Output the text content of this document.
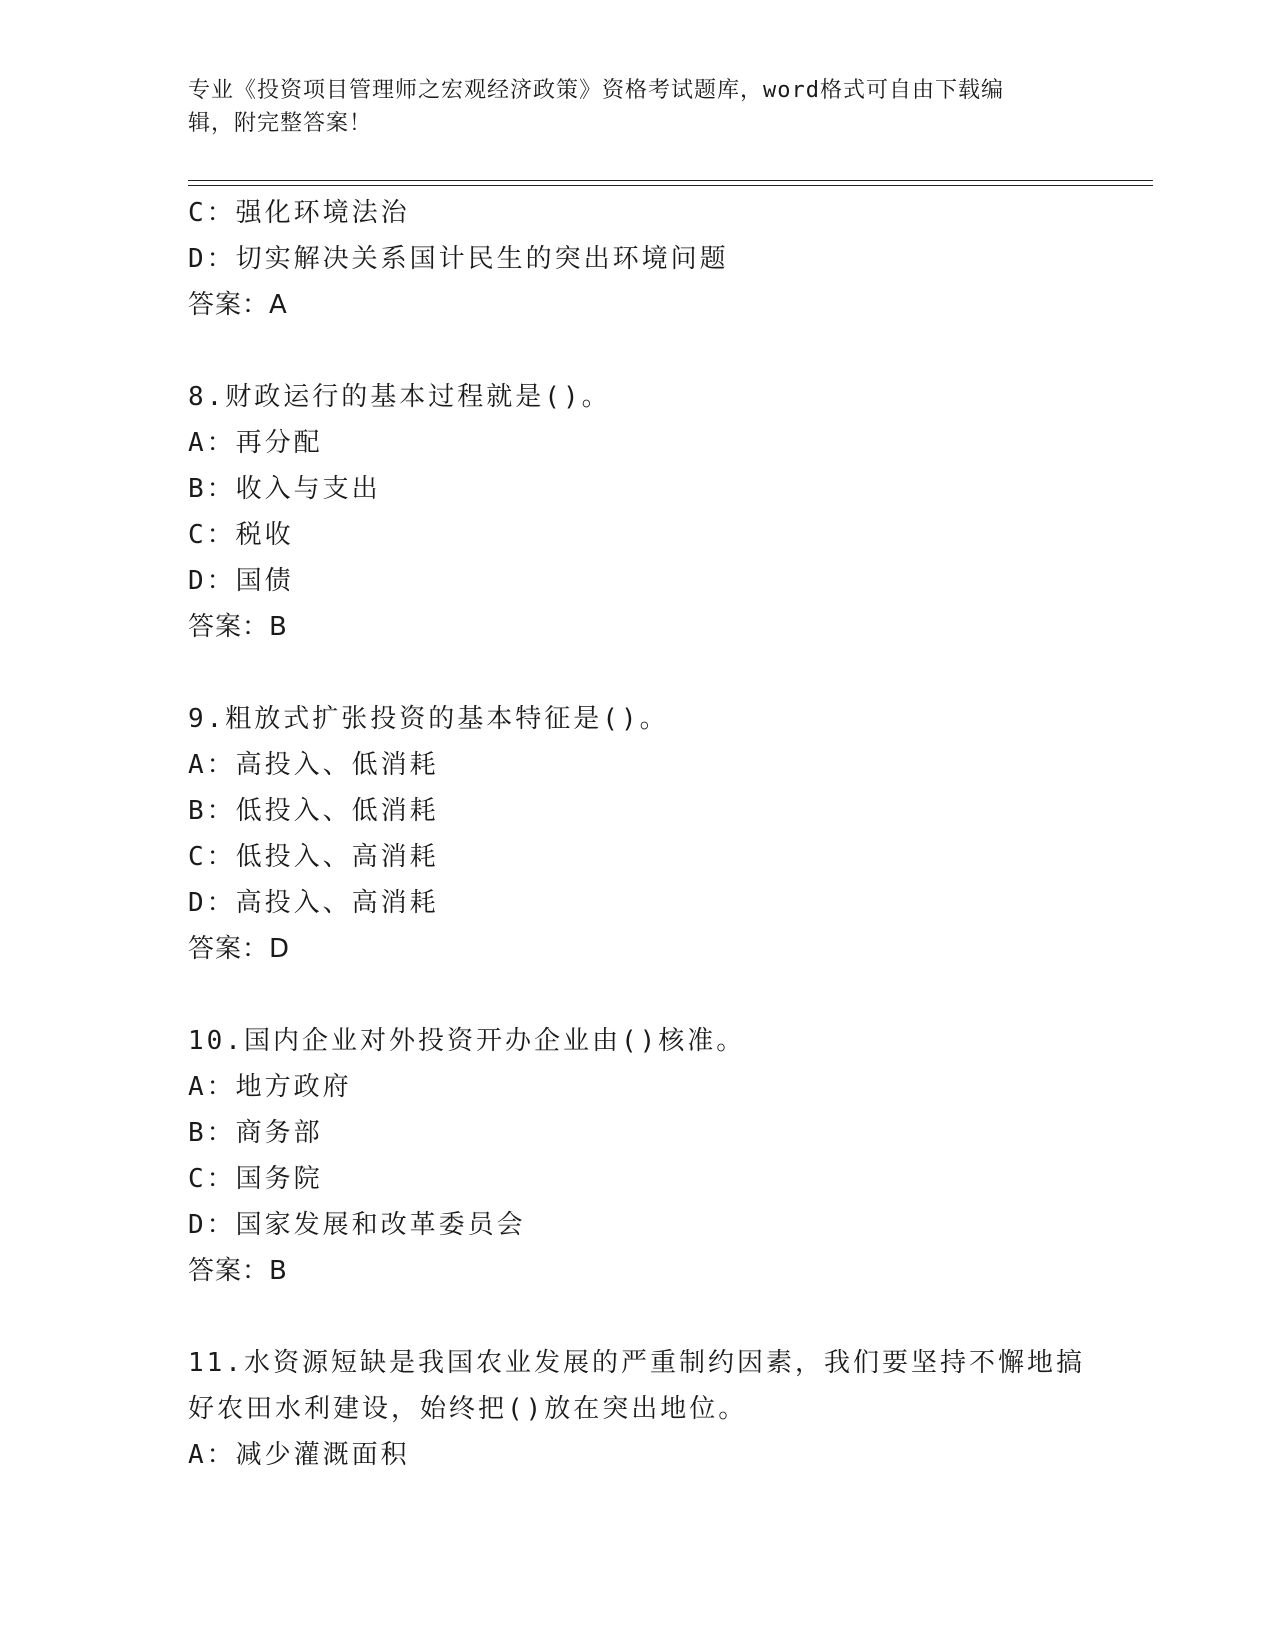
专业《投资项目管理师之宏观经济政策》资格考试题库，word格式可自由下载编
辑，附完整答案！
C：强化环境法治
D：切实解决关系国计民生的突出环境问题
答案：A
8.财政运行的基本过程就是()。
A：再分配
B：收入与支出
C：税收
D：国债
答案：B
9.粗放式扩张投资的基本特征是()。
A：高投入、低消耗
B：低投入、低消耗
C：低投入、高消耗
D：高投入、高消耗
答案：D
10.国内企业对外投资开办企业由()核准。
A：地方政府
B：商务部
C：国务院
D：国家发展和改革委员会
答案：B
11.水资源短缺是我国农业发展的严重制约因素，我们要坚持不懈地搞
好农田水利建设，始终把()放在突出地位。
A：减少灌溉面积
